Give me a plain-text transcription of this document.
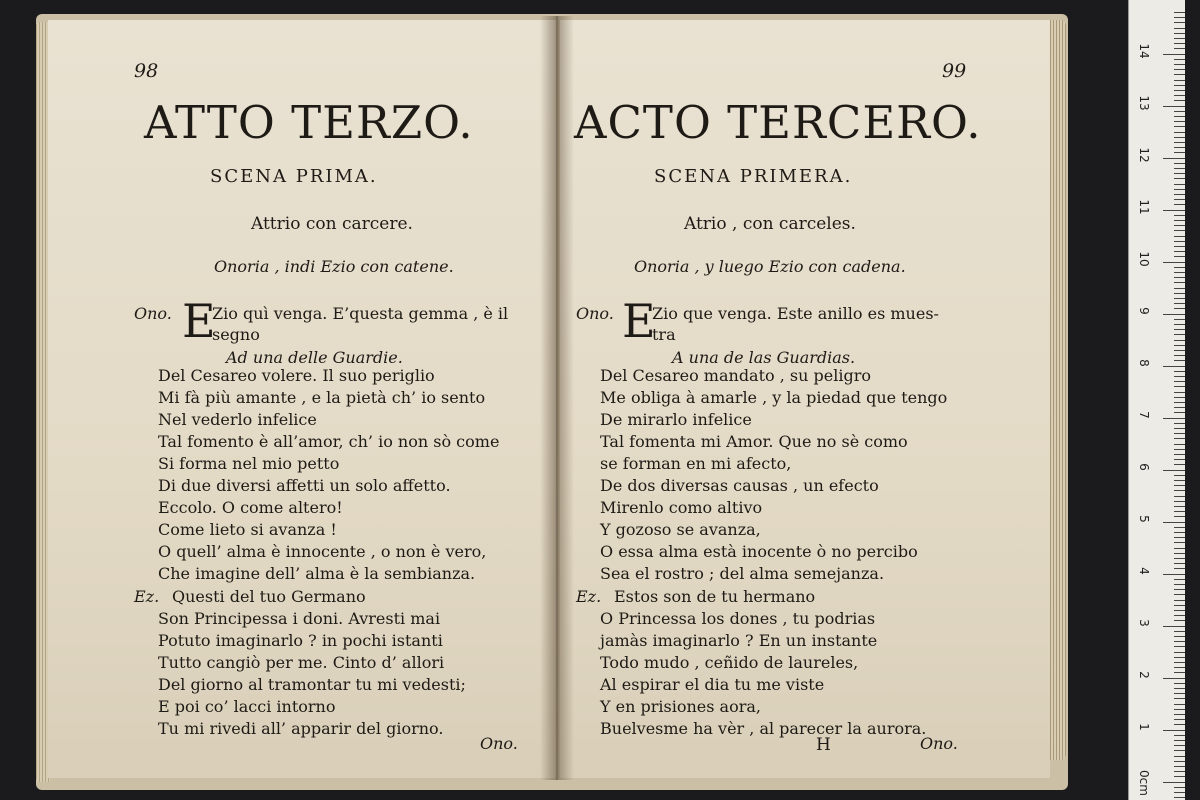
98
ATTO TERZO.
SCENA PRIMA.
Attrio con carcere.
Onoria , indi Ezio con catene.
Ono. E
Zio quì venga. E’questa gemma , è il
segno
Ad una delle Guardie.
Del Cesareo volere. Il suo periglio
Mi fà più amante , e la pietà ch’ io sento
Nel vederlo infelice
Tal fomento è all’amor, ch’ io non sò come
Si forma nel mio petto
Di due diversi affetti un solo affetto.
Eccolo. O come altero!
Come lieto si avanza !
O quell’ alma è innocente , o non è vero,
Che imagine dell’ alma è la sembianza.
Ez. Questi del tuo Germano
Son Principessa i doni. Avresti mai
Potuto imaginarlo ? in pochi istanti
Tutto cangiò per me. Cinto d’ allori
Del giorno al tramontar tu mi vedesti;
E poi co’ lacci intorno
Tu mi rivedi all’ apparir del giorno.
Ono.
99
ACTO TERCERO.
SCENA PRIMERA.
Atrio , con carceles.
Onoria , y luego Ezio con cadena.
Ono. E
Zio que venga. Este anillo es mues-
tra
A una de las Guardias.
Del Cesareo mandato , su peligro
Me obliga à amarle , y la piedad que tengo
De mirarlo infelice
Tal fomenta mi Amor. Que no sè como
se forman en mi afecto,
De dos diversas causas , un efecto
Mirenlo como altivo
Y gozoso se avanza,
O essa alma està inocente ò no percibo
Sea el rostro ; del alma semejanza.
Ez. Estos son de tu hermano
O Princessa los dones , tu podrias
jamàs imaginarlo ? En un instante
Todo mudo , ceñido de laureles,
Al espirar el dia tu me viste
Y en prisiones aora,
Buelvesme ha vèr , al parecer la aurora.
H	Ono.
14
13
12
11
10
9
8
7
6
5
4
3
2
1
0cm
